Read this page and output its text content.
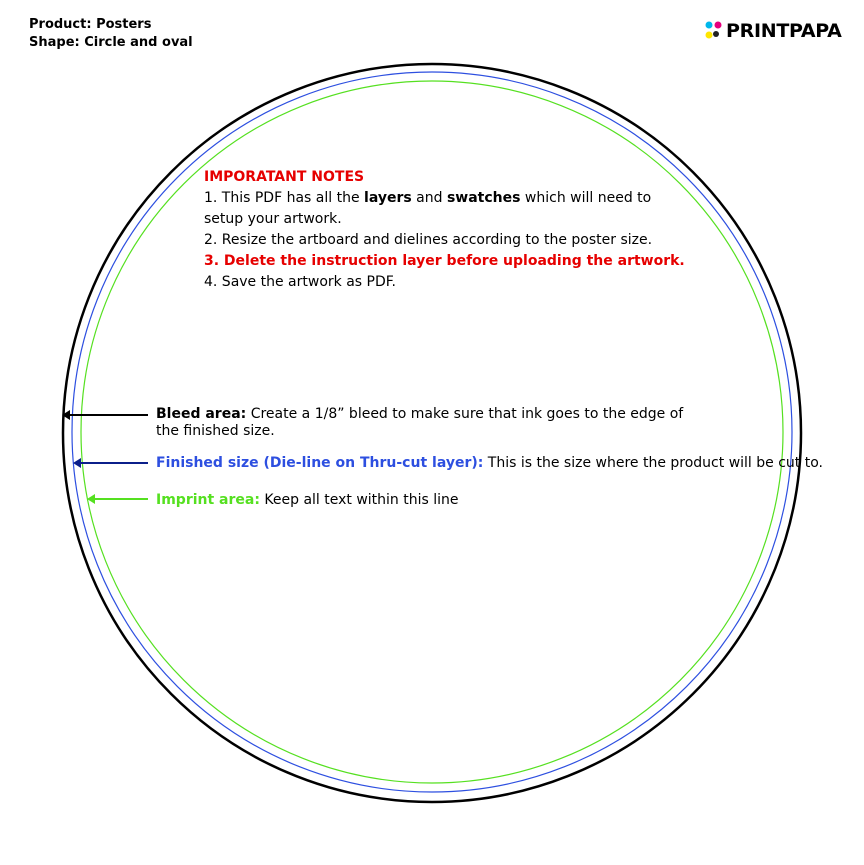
Product: Posters
Shape: Circle and oval
PRINTPAPA
IMPORATANT NOTES
1. This PDF has all the layers and swatches which will need to
setup your artwork.
2. Resize the artboard and dielines according to the poster size.
3. Delete the instruction layer before uploading the artwork.
4. Save the artwork as PDF.
Bleed area: Create a 1/8” bleed to make sure that ink goes to the edge of the finished size.
Finished size (Die-line on Thru-cut layer): This is the size where the product will be cut to.
Imprint area: Keep all text within this line
